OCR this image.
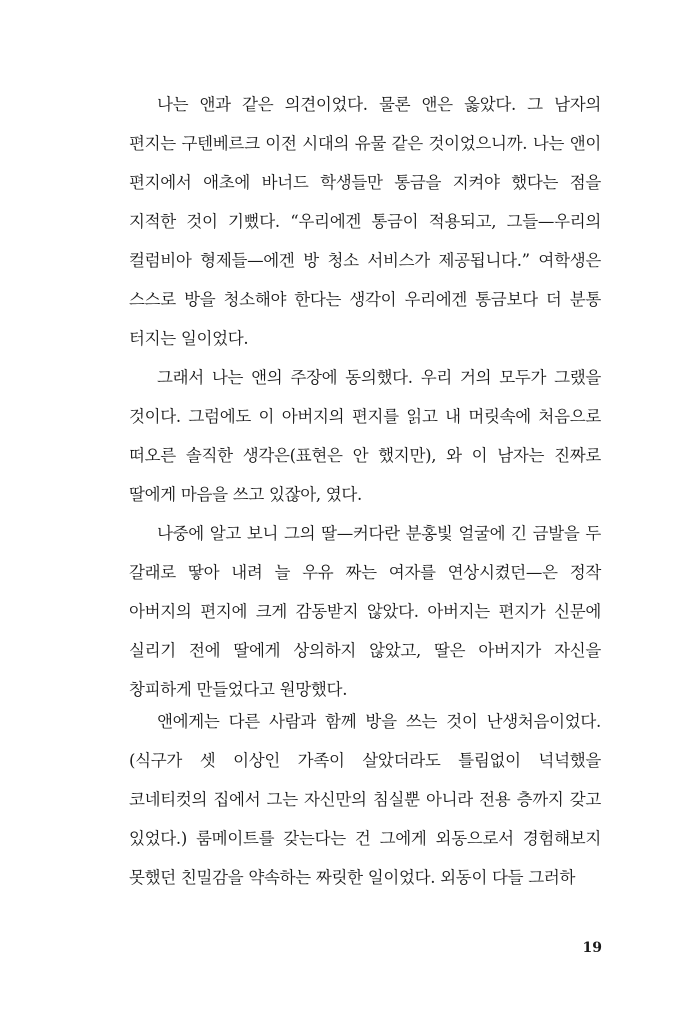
나는 앤과 같은 의견이었다. 물론 앤은 옳았다. 그 남자의 편지는 구텐베르크 이전 시대의 유물 같은 것이었으니까. 나는 앤이 편지에서 애초에 바너드 학생들만 통금을 지켜야 했다는 점을 지적한 것이 기뻤다. “우리에겐 통금이 적용되고, 그들—우리의 컬럼비아 형제들—에겐 방 청소 서비스가 제공됩니다.” 여학생은 스스로 방을 청소해야 한다는 생각이 우리에겐 통금보다 더 분통 터지는 일이었다.

그래서 나는 앤의 주장에 동의했다. 우리 거의 모두가 그랬을 것이다. 그럼에도 이 아버지의 편지를 읽고 내 머릿속에 처음으로 떠오른 솔직한 생각은(표현은 안 했지만), 와 이 남자는 진짜로 딸에게 마음을 쓰고 있잖아, 였다.

나중에 알고 보니 그의 딸—커다란 분홍빛 얼굴에 긴 금발을 두 갈래로 땋아 내려 늘 우유 짜는 여자를 연상시켰던—은 정작 아버지의 편지에 크게 감동받지 않았다. 아버지는 편지가 신문에 실리기 전에 딸에게 상의하지 않았고, 딸은 아버지가 자신을 창피하게 만들었다고 원망했다.

앤에게는 다른 사람과 함께 방을 쓰는 것이 난생처음이었다. (식구가 셋 이상인 가족이 살았더라도 틀림없이 넉넉했을 코네티컷의 집에서 그는 자신만의 침실뿐 아니라 전용 층까지 갖고 있었다.) 룸메이트를 갖는다는 건 그에게 외동으로서 경험해보지 못했던 친밀감을 약속하는 짜릿한 일이었다. 외동이 다들 그러하

19
